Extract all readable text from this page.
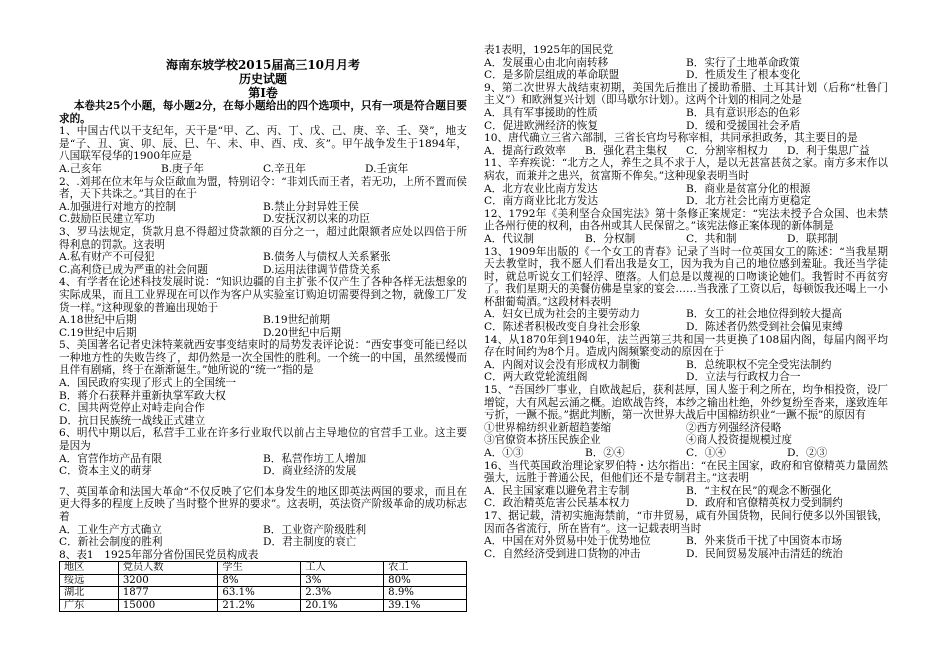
海南东坡学校2015届高三10月月考
历史试题
第Ⅰ卷

本卷共25个小题，每小题2分，在每小题给出的四个选项中，只有一项是符合题目要求的。

1、中国古代以干支纪年，天干是“甲、乙、丙、丁、戊、己、庚、辛、壬、癸”，地支是“子、丑、寅、卯、辰、巳、午、未、申、酉、戌、亥”。甲午战争发生于1894年，八国联军侵华的1900年应是

A.己亥年	B.庚子年	C.辛丑年	D.壬寅年

2、.刘邦在位末年与众臣歃血为盟，特别诏令：“非刘氏而王者，若无功，上所不置而侯者，天下共诛之。”其目的在于

A.加强进行对地方的控制	B.禁止分封异姓王侯
C.鼓励臣民建立军功	D.安抚汉初以来的功臣

3、罗马法规定，货款月息不得超过贷款额的百分之一，超过此限额者应处以四倍于所得利息的罚款。这表明

A.私有财产不可侵犯	B.债务人与债权人关系紧张
C.高利贷已成为严重的社会问题	D.运用法律调节借贷关系

4、有学者在论述科技发展时说：“知识边疆的自主扩张不仅产生了各种各样无法想象的实际成果，而且工业界现在可以作为客户从实验室订购迫切需要得到之物，就像工厂发货一样。”这种现象的普遍出现始于

A.18世纪中后期	B.19世纪前期
C.19世纪中后期	D.20世纪中后期

5、美国著名记者史沫特莱就西安事变结束时的局势发表评论说：“西安事变可能已经以一种地方性的失败告终了，却仍然是一次全国性的胜利。一个统一的中国，虽然缓慢而且伴有剧痛，终于在渐渐诞生。”她所说的“统一”指的是

A．国民政府实现了形式上的全国统一
B．蒋介石获释并重新执掌军政大权
C．国共两党停止对峙走向合作
D．抗日民族统一战线正式建立

6、明代中期以后，私营手工业在许多行业取代以前占主导地位的官营手工业。这主要是因为

A．官营作坊产品有限	B．私营作坊工人增加
C．资本主义的萌芽	D．商业经济的发展

7、英国革命和法国大革命“不仅反映了它们本身发生的地区即英法两国的要求，而且在更大得多的程度上反映了当时整个世界的要求”。这表明，英法资产阶级革命的成功标志着

A．工业生产方式确立	B．工业资产阶级胜利
C．新社会制度的胜利	D．君主制度的衰亡

8、表1　1925年部分省份国民党员构成表

地区	党员人数	学生	工人	农工
绥远	3200	8%	3%	80%
湖北	1877	63.1%	2.3%	8.9%
广东	15000	21.2%	20.1%	39.1%

表1表明，1925年的国民党

A．发展重心由北向南转移	B．实行了土地革命政策
C．是多阶层组成的革命联盟	D．性质发生了根本变化

9、第二次世界大战结束初期，美国先后推出了援助希腊、土耳其计划（后称“杜鲁门主义”）和欧洲复兴计划（即马歇尔计划）。这两个计划的相同之处是

A．具有军事援助的性质	B．具有意识形态的色彩
C．促进欧洲经济的恢复	D．缓和受援国社会矛盾

10、唐代确立三省六部制，三省长官均号称宰相，共同承担政务，其主要目的是

A．提高行政效率	B．强化君主集权	C．分割宰相权力	D．利于集思广益

11、辛弃疾说：“北方之人，养生之具不求于人，是以无甚富甚贫之家。南方多末作以病农，而兼并之患兴，贫富斯不侔矣。”这种现象表明当时

A．北方农业比南方发达	B．商业是贫富分化的根源
C．南方商业比北方发达	D．北方社会比南方更稳定

12、1792年《美利坚合众国宪法》第十条修正案规定：“宪法未授予合众国、也未禁止各州行使的权利，由各州或其人民保留之。”该宪法修正案体现的新体制是

A．代议制	B．分权制	C．共和制	D．联邦制

13、1909年出版的《一个女工的青春》记录了当时一位英国女工的陈述：“当我星期天去教堂时，我不愿人们看出我是女工，因为我为自己的地位感到羞耻。我还当学徒时，就总听说女工们轻浮、堕落。人们总是以蔑视的口吻谈论她们。我暂时不再贫穷了。我们星期天的美餐仿佛是皇家的宴会……当我涨了工资以后，每顿饭我还喝上一小杯甜葡萄酒。”这段材料表明

A．妇女已成为社会的主要劳动力	B．女工的社会地位得到较大提高
C．陈述者积极改变自身社会形象	D．陈述者仍然受到社会偏见束缚

14、从1870年到1940年，法兰西第三共和国一共更换了108届内阁，每届内阁平均存在时间约为8个月。造成内阁频繁变动的原因在于

A．内阁对议会没有形成权力制衡	B．总统职权不完全受宪法制约
C．两大政党轮流组阁	D．立法与行政权力合一

15、“吾国纱厂事业，自欧战起后，获利甚厚，国人鉴于利之所在，均争相投资，设厂增锭，大有风起云涌之概。迨欧战告终，本纱之输出杜绝，外纱复纷至沓来，遂致连年亏折，一蹶不振。”据此判断，第一次世界大战后中国棉纺织业“一蹶不振”的原因有

①世界棉纺织业新超趋萎缩	②西方列强经济侵略
③官僚资本挤压民族企业	④商人投资提规模过度
A．①③	B．②④	C．①④	D．②③

16、当代英国政治理论家罗伯特・达尔指出：“在民主国家，政府和官僚精英力量固然强大，远胜于普通公民，但他们还不是专制君主。”这表明

A．民主国家难以避免君主专制	B．“主权在民”的观念不断强化
C．政治精英危害公民基本权力	D．政府和官僚精英权力受到制约

17、据记载，清初实施海禁前，“市井贸易，咸有外国货物，民间行使多以外国银钱，因而各省流行，所在皆有”。这一记载表明当时

A．中国在对外贸易中处于优势地位	B．外来货币干扰了中国资本市场
C．自然经济受到进口货物的冲击	D．民间贸易发展冲击清廷的统治
